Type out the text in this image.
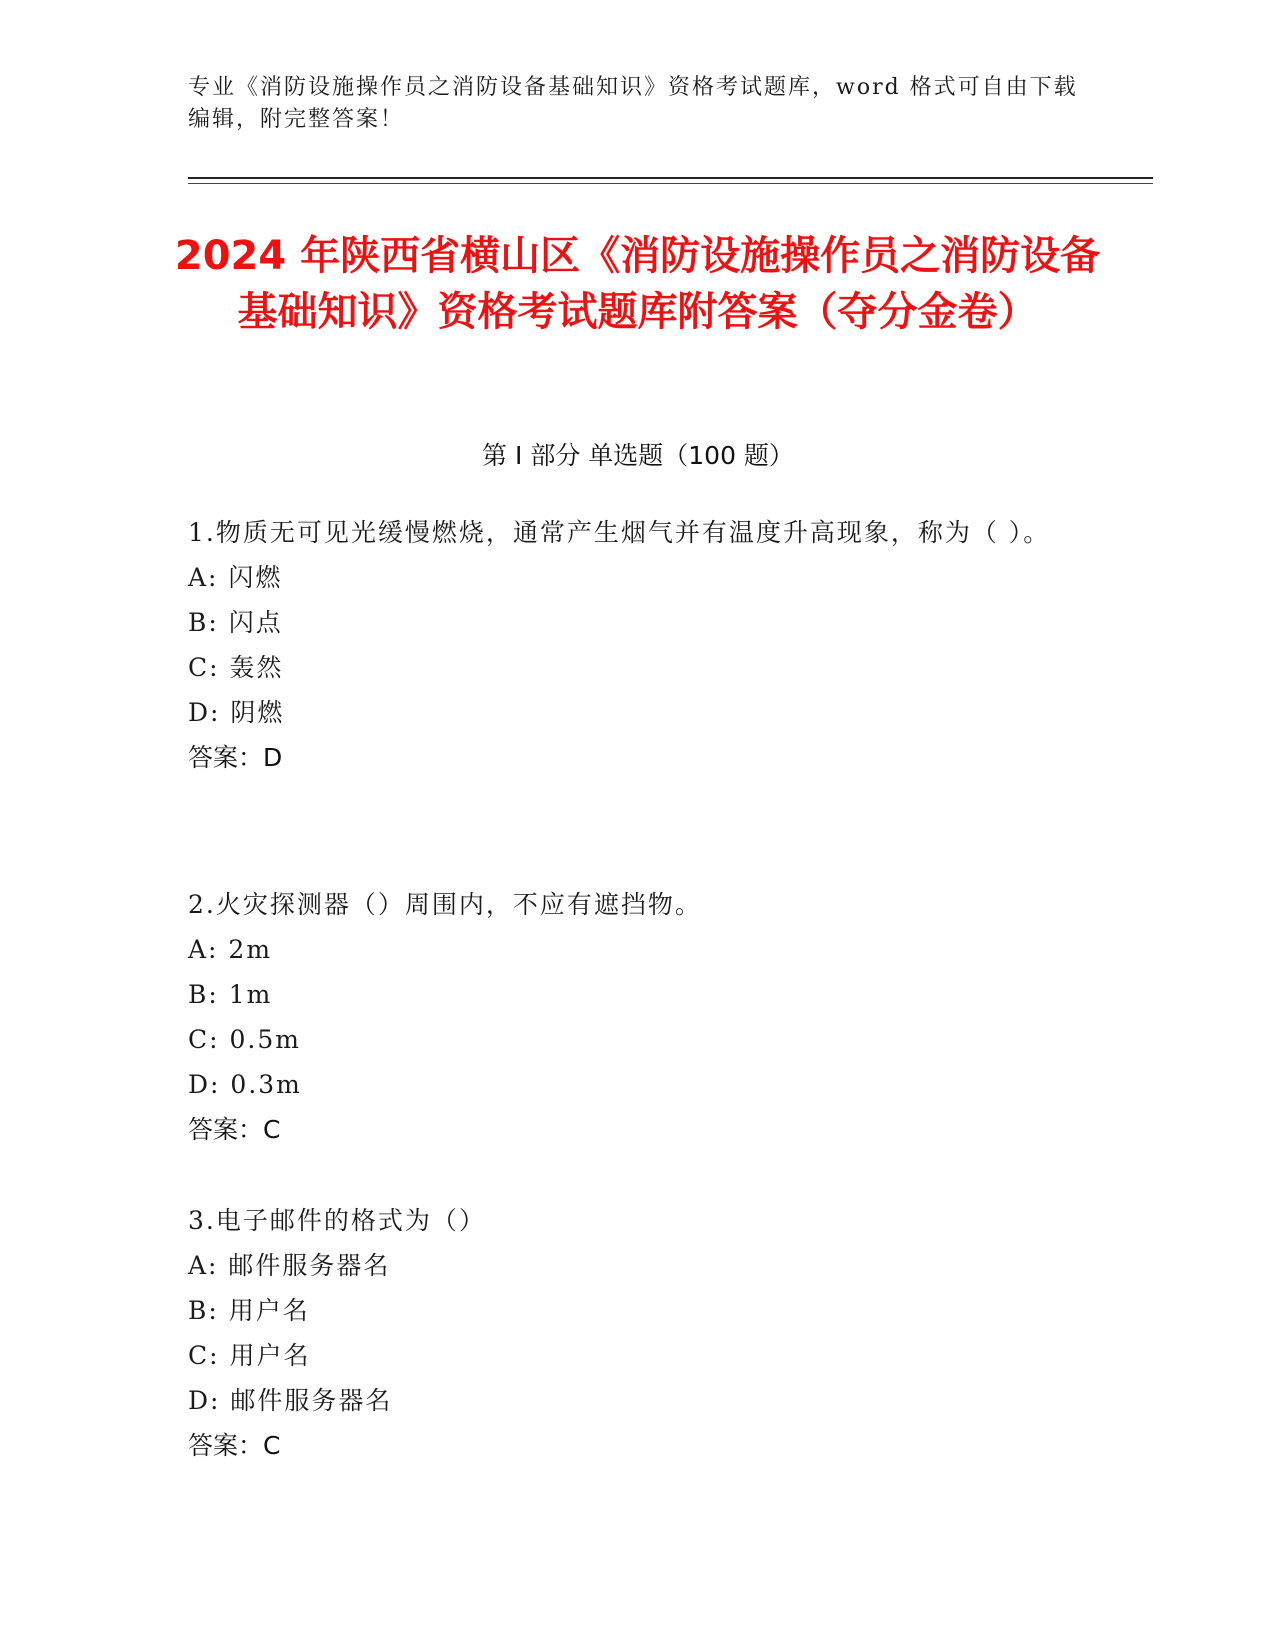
专业《消防设施操作员之消防设备基础知识》资格考试题库，word 格式可自由下载编辑，附完整答案！
2024 年陕西省横山区《消防设施操作员之消防设备基础知识》资格考试题库附答案（夺分金卷）
第 I 部分 单选题（100 题）
1.物质无可见光缓慢燃烧，通常产生烟气并有温度升高现象，称为（ ）。
A: 闪燃
B: 闪点
C: 轰然
D: 阴燃
答案：D
2.火灾探测器（）周围内，不应有遮挡物。
A: 2m
B: 1m
C: 0.5m
D: 0.3m
答案：C
3.电子邮件的格式为（）
A: 邮件服务器名
B: 用户名
C: 用户名
D: 邮件服务器名
答案：C
